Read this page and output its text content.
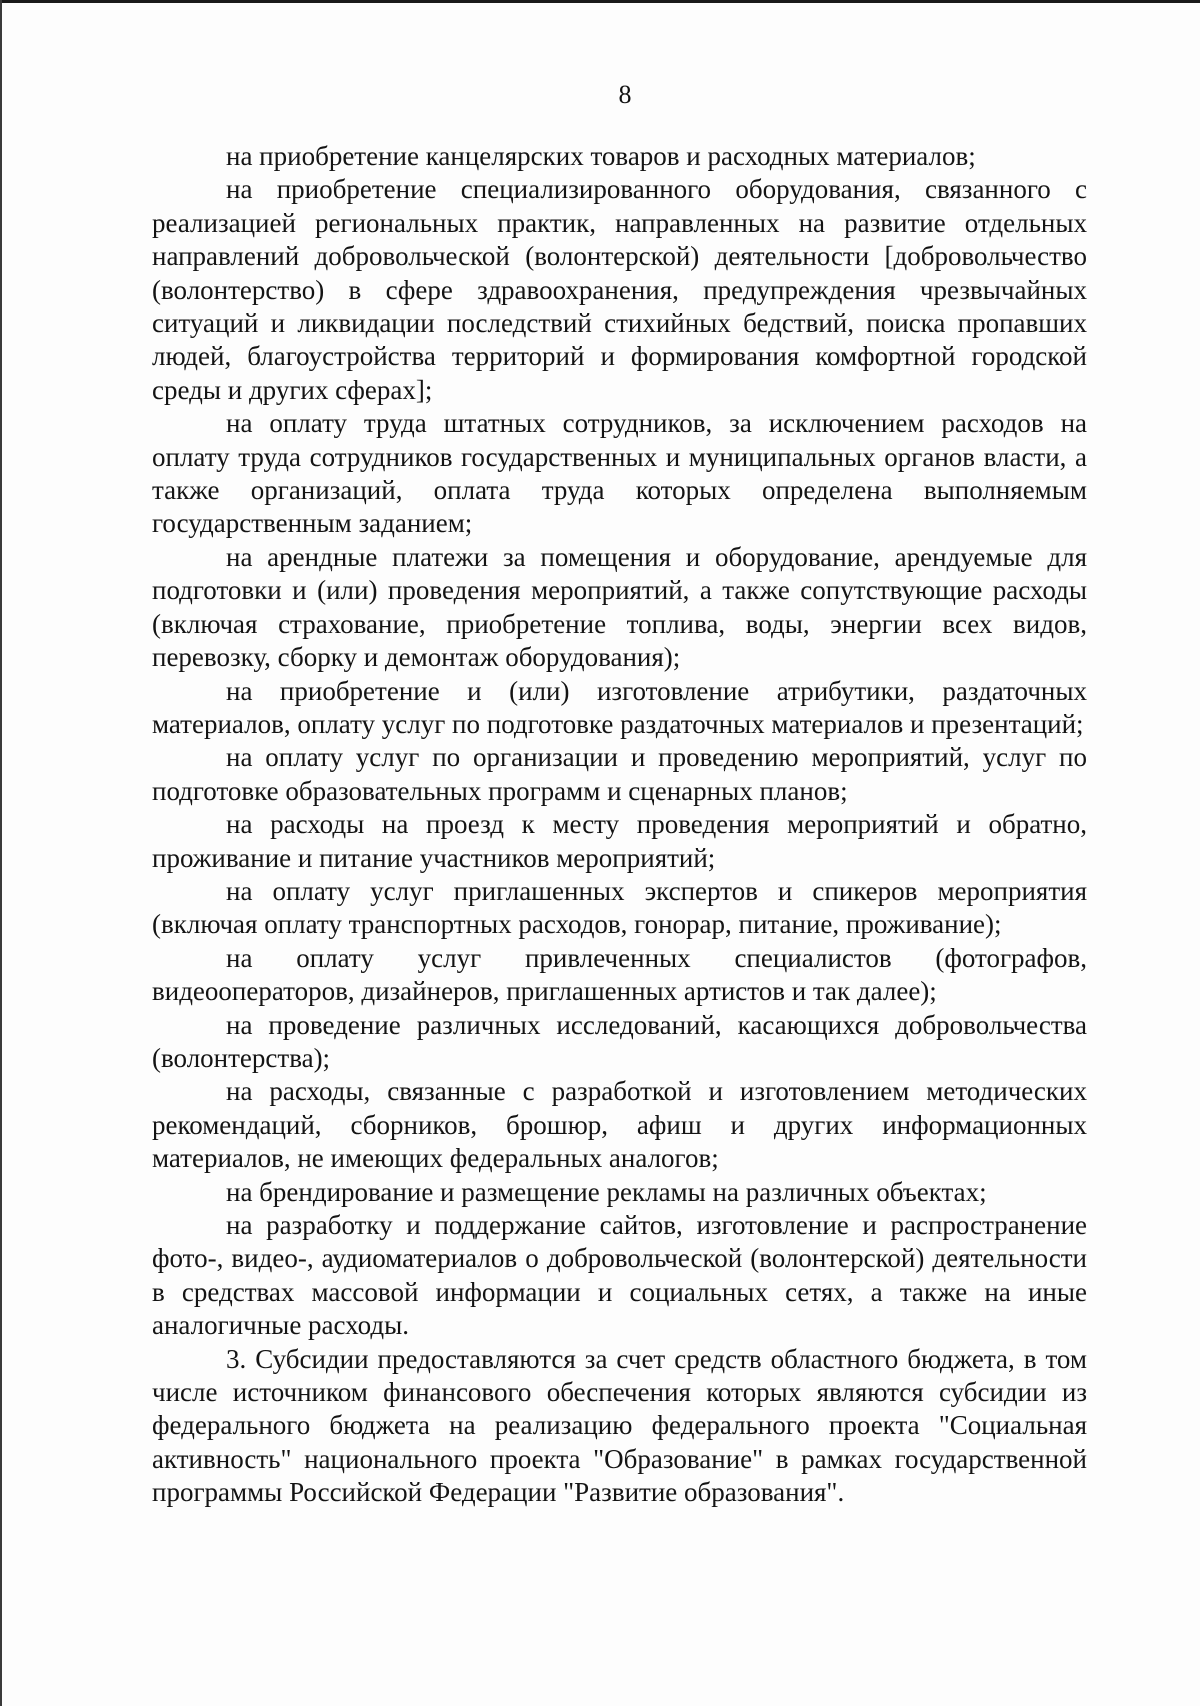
8

на приобретение канцелярских товаров и расходных материалов;

на приобретение специализированного оборудования, связанного с реализацией региональных практик, направленных на развитие отдельных направлений добровольческой (волонтерской) деятельности [добровольчество (волонтерство) в сфере здравоохранения, предупреждения чрезвычайных ситуаций и ликвидации последствий стихийных бедствий, поиска пропавших людей, благоустройства территорий и формирования комфортной городской среды и других сферах];

на оплату труда штатных сотрудников, за исключением расходов на оплату труда сотрудников государственных и муниципальных органов власти, а также организаций, оплата труда которых определена выполняемым государственным заданием;

на арендные платежи за помещения и оборудование, арендуемые для подготовки и (или) проведения мероприятий, а также сопутствующие расходы (включая страхование, приобретение топлива, воды, энергии всех видов, перевозку, сборку и демонтаж оборудования);

на приобретение и (или) изготовление атрибутики, раздаточных материалов, оплату услуг по подготовке раздаточных материалов и презентаций;

на оплату услуг по организации и проведению мероприятий, услуг по подготовке образовательных программ и сценарных планов;

на расходы на проезд к месту проведения мероприятий и обратно, проживание и питание участников мероприятий;

на оплату услуг приглашенных экспертов и спикеров мероприятия (включая оплату транспортных расходов, гонорар, питание, проживание);

на оплату услуг привлеченных специалистов (фотографов, видеооператоров, дизайнеров, приглашенных артистов и так далее);

на проведение различных исследований, касающихся добровольчества (волонтерства);

на расходы, связанные с разработкой и изготовлением методических рекомендаций, сборников, брошюр, афиш и других информационных материалов, не имеющих федеральных аналогов;

на брендирование и размещение рекламы на различных объектах;

на разработку и поддержание сайтов, изготовление и распространение фото-, видео-, аудиоматериалов о добровольческой (волонтерской) деятельности в средствах массовой информации и социальных сетях, а также на иные аналогичные расходы.

3. Субсидии предоставляются за счет средств областного бюджета, в том числе источником финансового обеспечения которых являются субсидии из федерального бюджета на реализацию федерального проекта "Социальная активность" национального проекта "Образование" в рамках государственной программы Российской Федерации "Развитие образования".
